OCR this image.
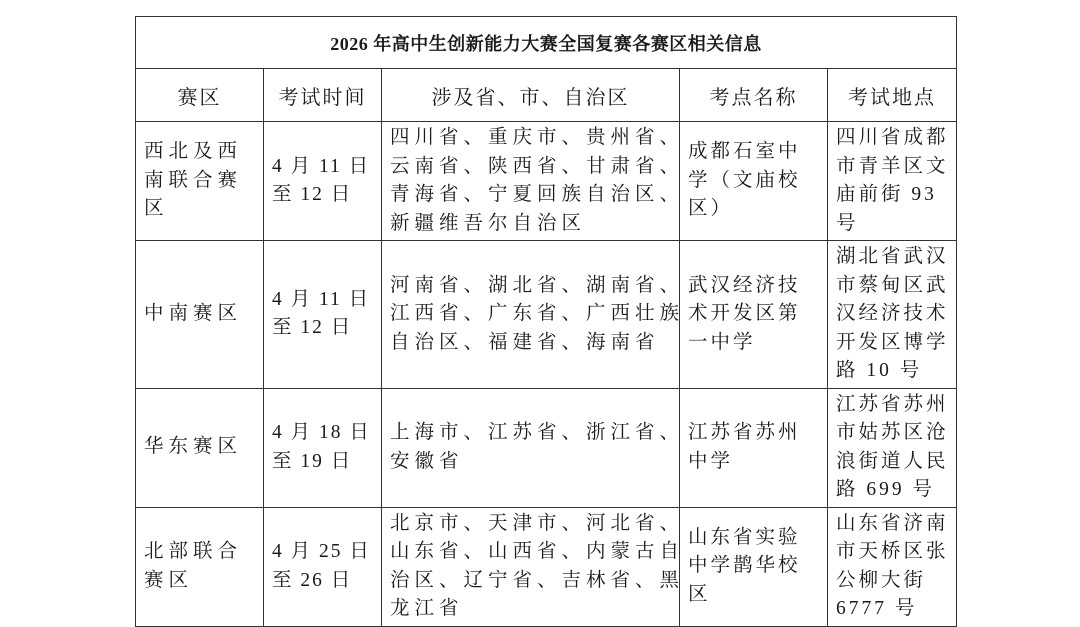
2026 年高中生创新能力大赛全国复赛各赛区相关信息				
赛区	考试时间	涉及省、市、自治区	考点名称	考试地点

西北及西
南联合赛
区	4 月 11 日
至 12 日	四川省、重庆市、贵州省、
云南省、陕西省、甘肃省、
青海省、宁夏回族自治区、
新疆维吾尔自治区	成都石室中
学（文庙校
区）	四川省成都
市青羊区文
庙前街 93
号

中南赛区	4 月 11 日
至 12 日	河南省、湖北省、湖南省、
江西省、广东省、广西壮族
自治区、福建省、海南省	武汉经济技
术开发区第
一中学	湖北省武汉
市蔡甸区武
汉经济技术
开发区博学
路 10 号

华东赛区	4 月 18 日
至 19 日	上海市、江苏省、浙江省、
安徽省	江苏省苏州
中学	江苏省苏州
市姑苏区沧
浪街道人民
路 699 号

北部联合
赛区	4 月 25 日
至 26 日	北京市、天津市、河北省、
山东省、山西省、内蒙古自
治区、辽宁省、吉林省、黑
龙江省	山东省实验
中学鹊华校
区	山东省济南
市天桥区张
公柳大街
6777 号
